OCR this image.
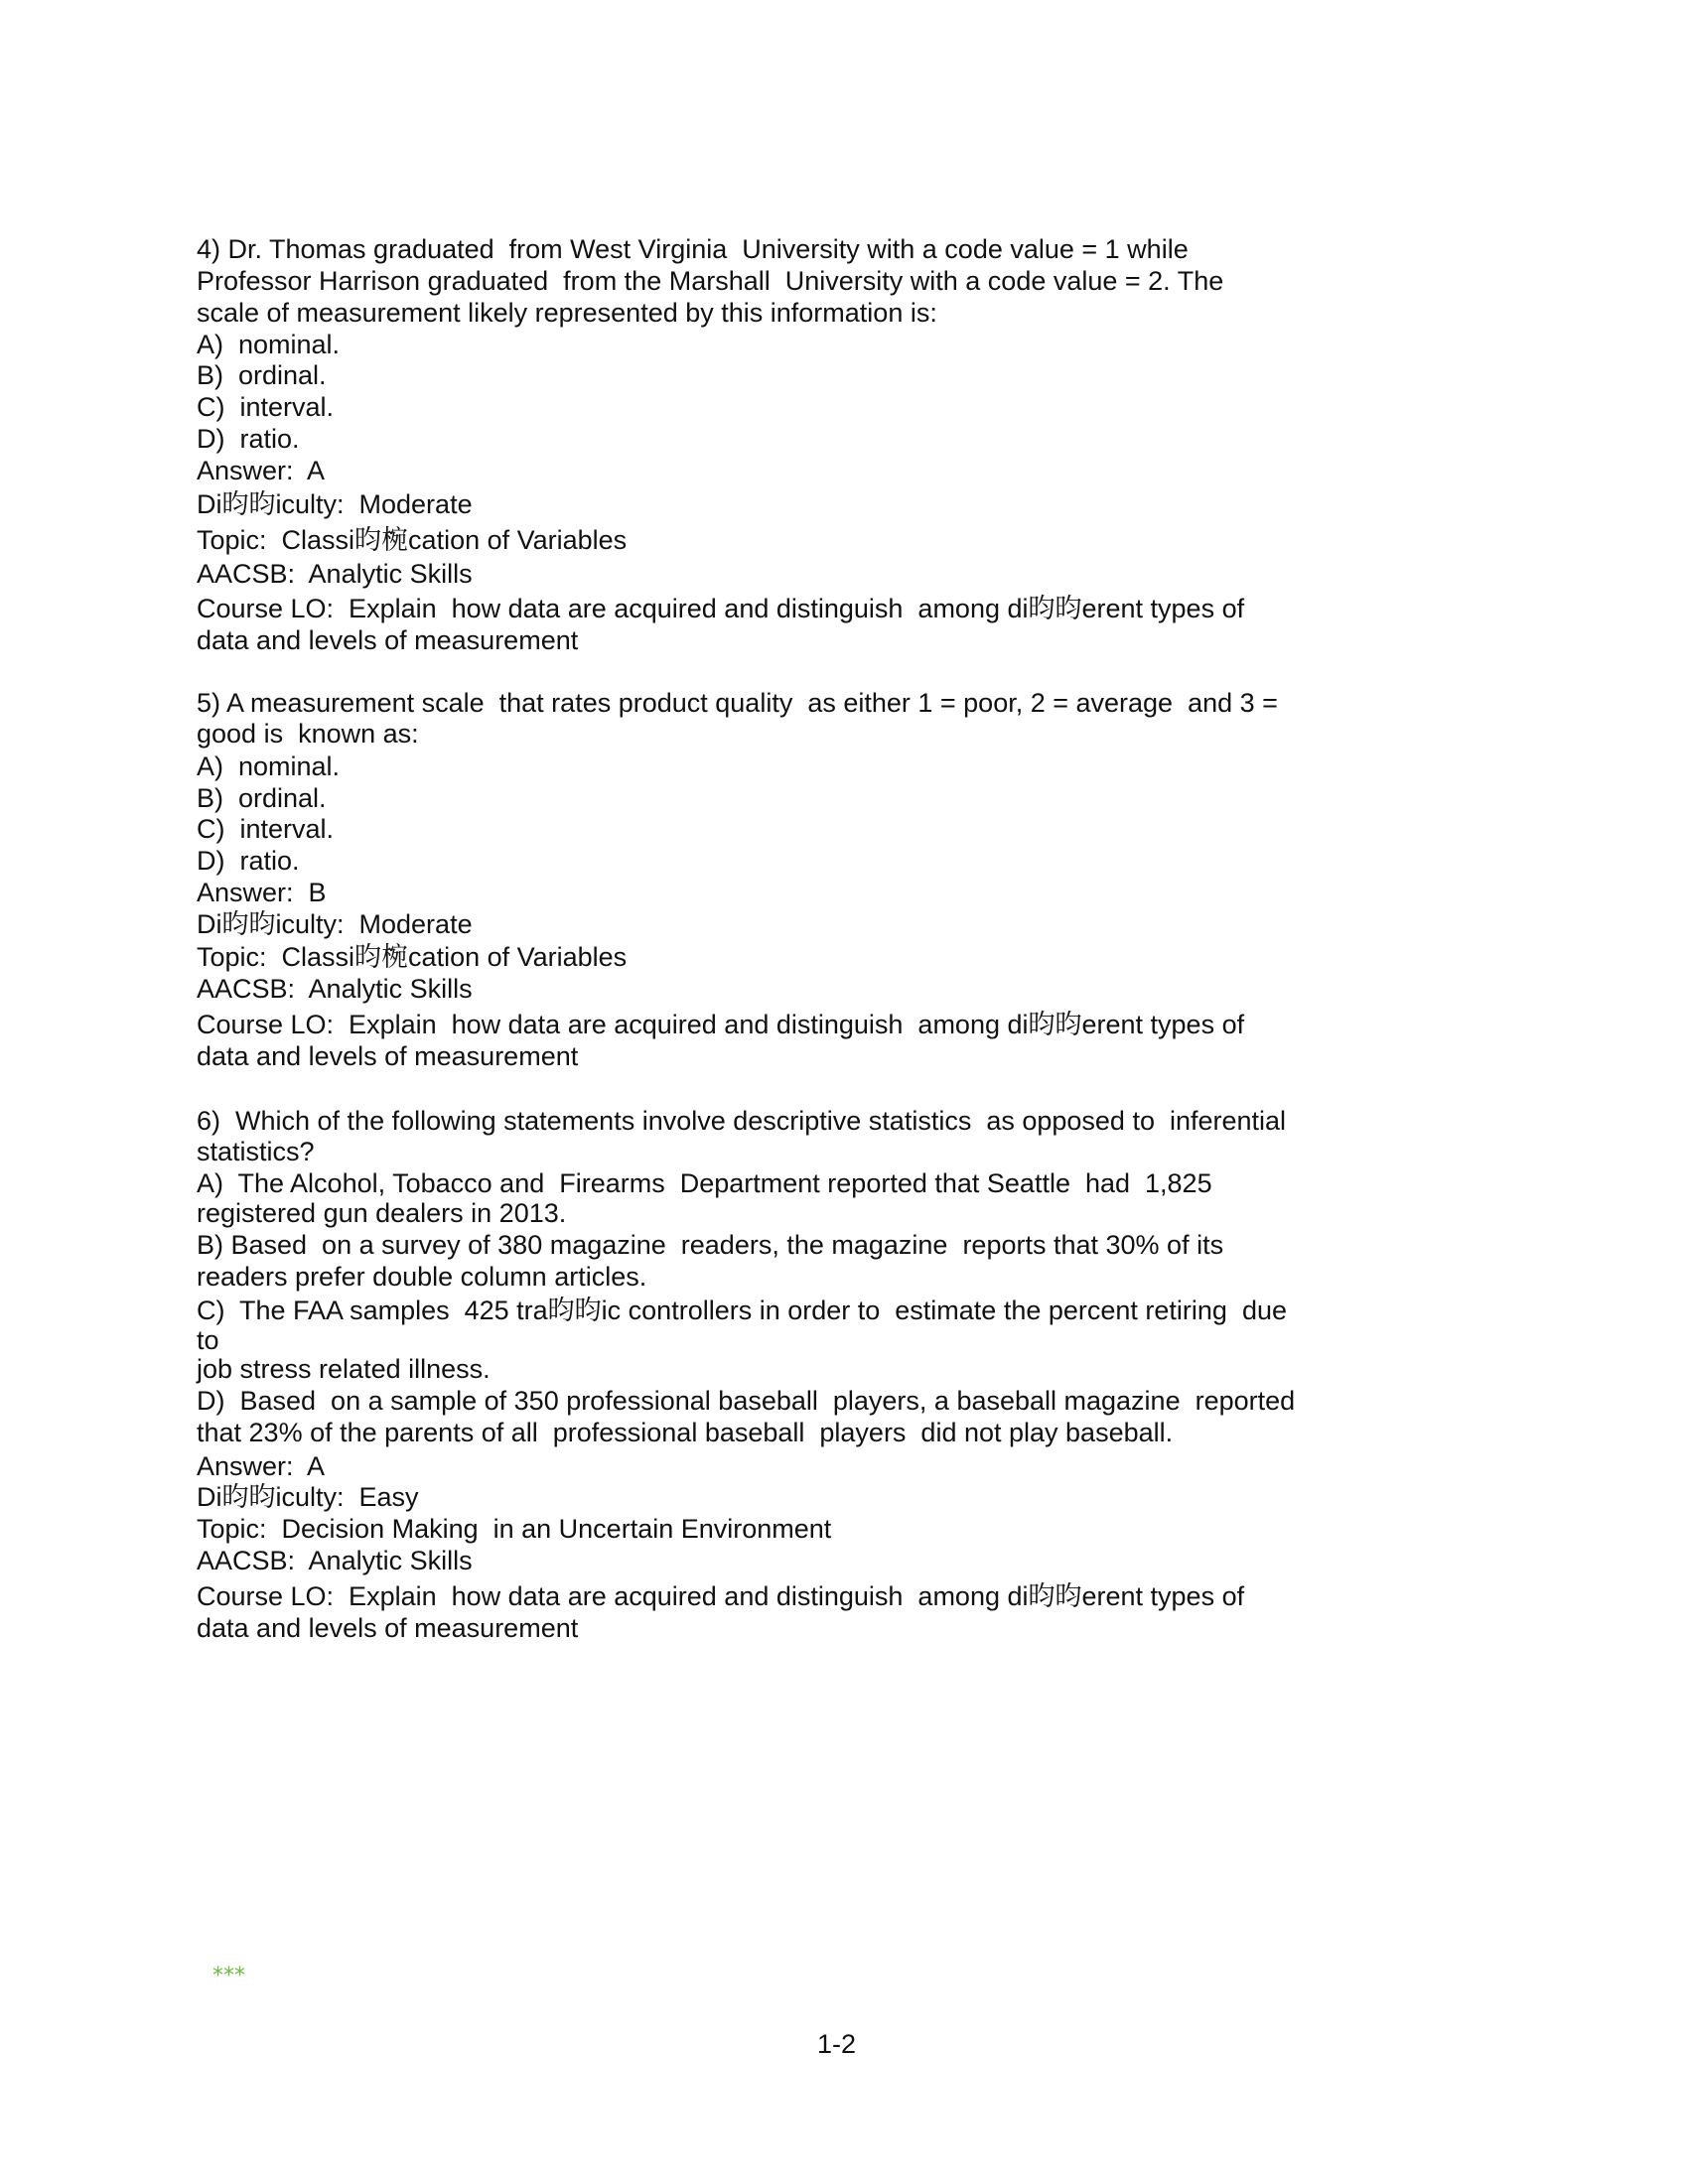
4) Dr. Thomas graduated  from West Virginia  University with a code value = 1 while
Professor Harrison graduated  from the Marshall  University with a code value = 2. The
scale of measurement likely represented by this information is:
A)  nominal.
B)  ordinal.
C)  interval.
D)  ratio.
Answer:  A
Di昀昀iculty:  Moderate
Topic:  Classi昀椀cation of Variables
AACSB:  Analytic Skills
Course LO:  Explain  how data are acquired and distinguish  among di昀昀erent types of
data and levels of measurement
5) A measurement scale  that rates product quality  as either 1 = poor, 2 = average  and 3 =
good is  known as:
A)  nominal.
B)  ordinal.
C)  interval.
D)  ratio.
Answer:  B
Di昀昀iculty:  Moderate
Topic:  Classi昀椀cation of Variables
AACSB:  Analytic Skills
Course LO:  Explain  how data are acquired and distinguish  among di昀昀erent types of
data and levels of measurement
6)  Which of the following statements involve descriptive statistics  as opposed to  inferential
statistics?
A)  The Alcohol, Tobacco and  Firearms  Department reported that Seattle  had  1,825
registered gun dealers in 2013.
B) Based  on a survey of 380 magazine  readers, the magazine  reports that 30% of its
readers prefer double column articles.
C)  The FAA samples  425 tra昀昀ic controllers in order to  estimate the percent retiring  due
to
job stress related illness.
D)  Based  on a sample of 350 professional baseball  players, a baseball magazine  reported
that 23% of the parents of all  professional baseball  players  did not play baseball.
Answer:  A
Di昀昀iculty:  Easy
Topic:  Decision Making  in an Uncertain Environment
AACSB:  Analytic Skills
Course LO:  Explain  how data are acquired and distinguish  among di昀昀erent types of
data and levels of measurement
***
1-2
